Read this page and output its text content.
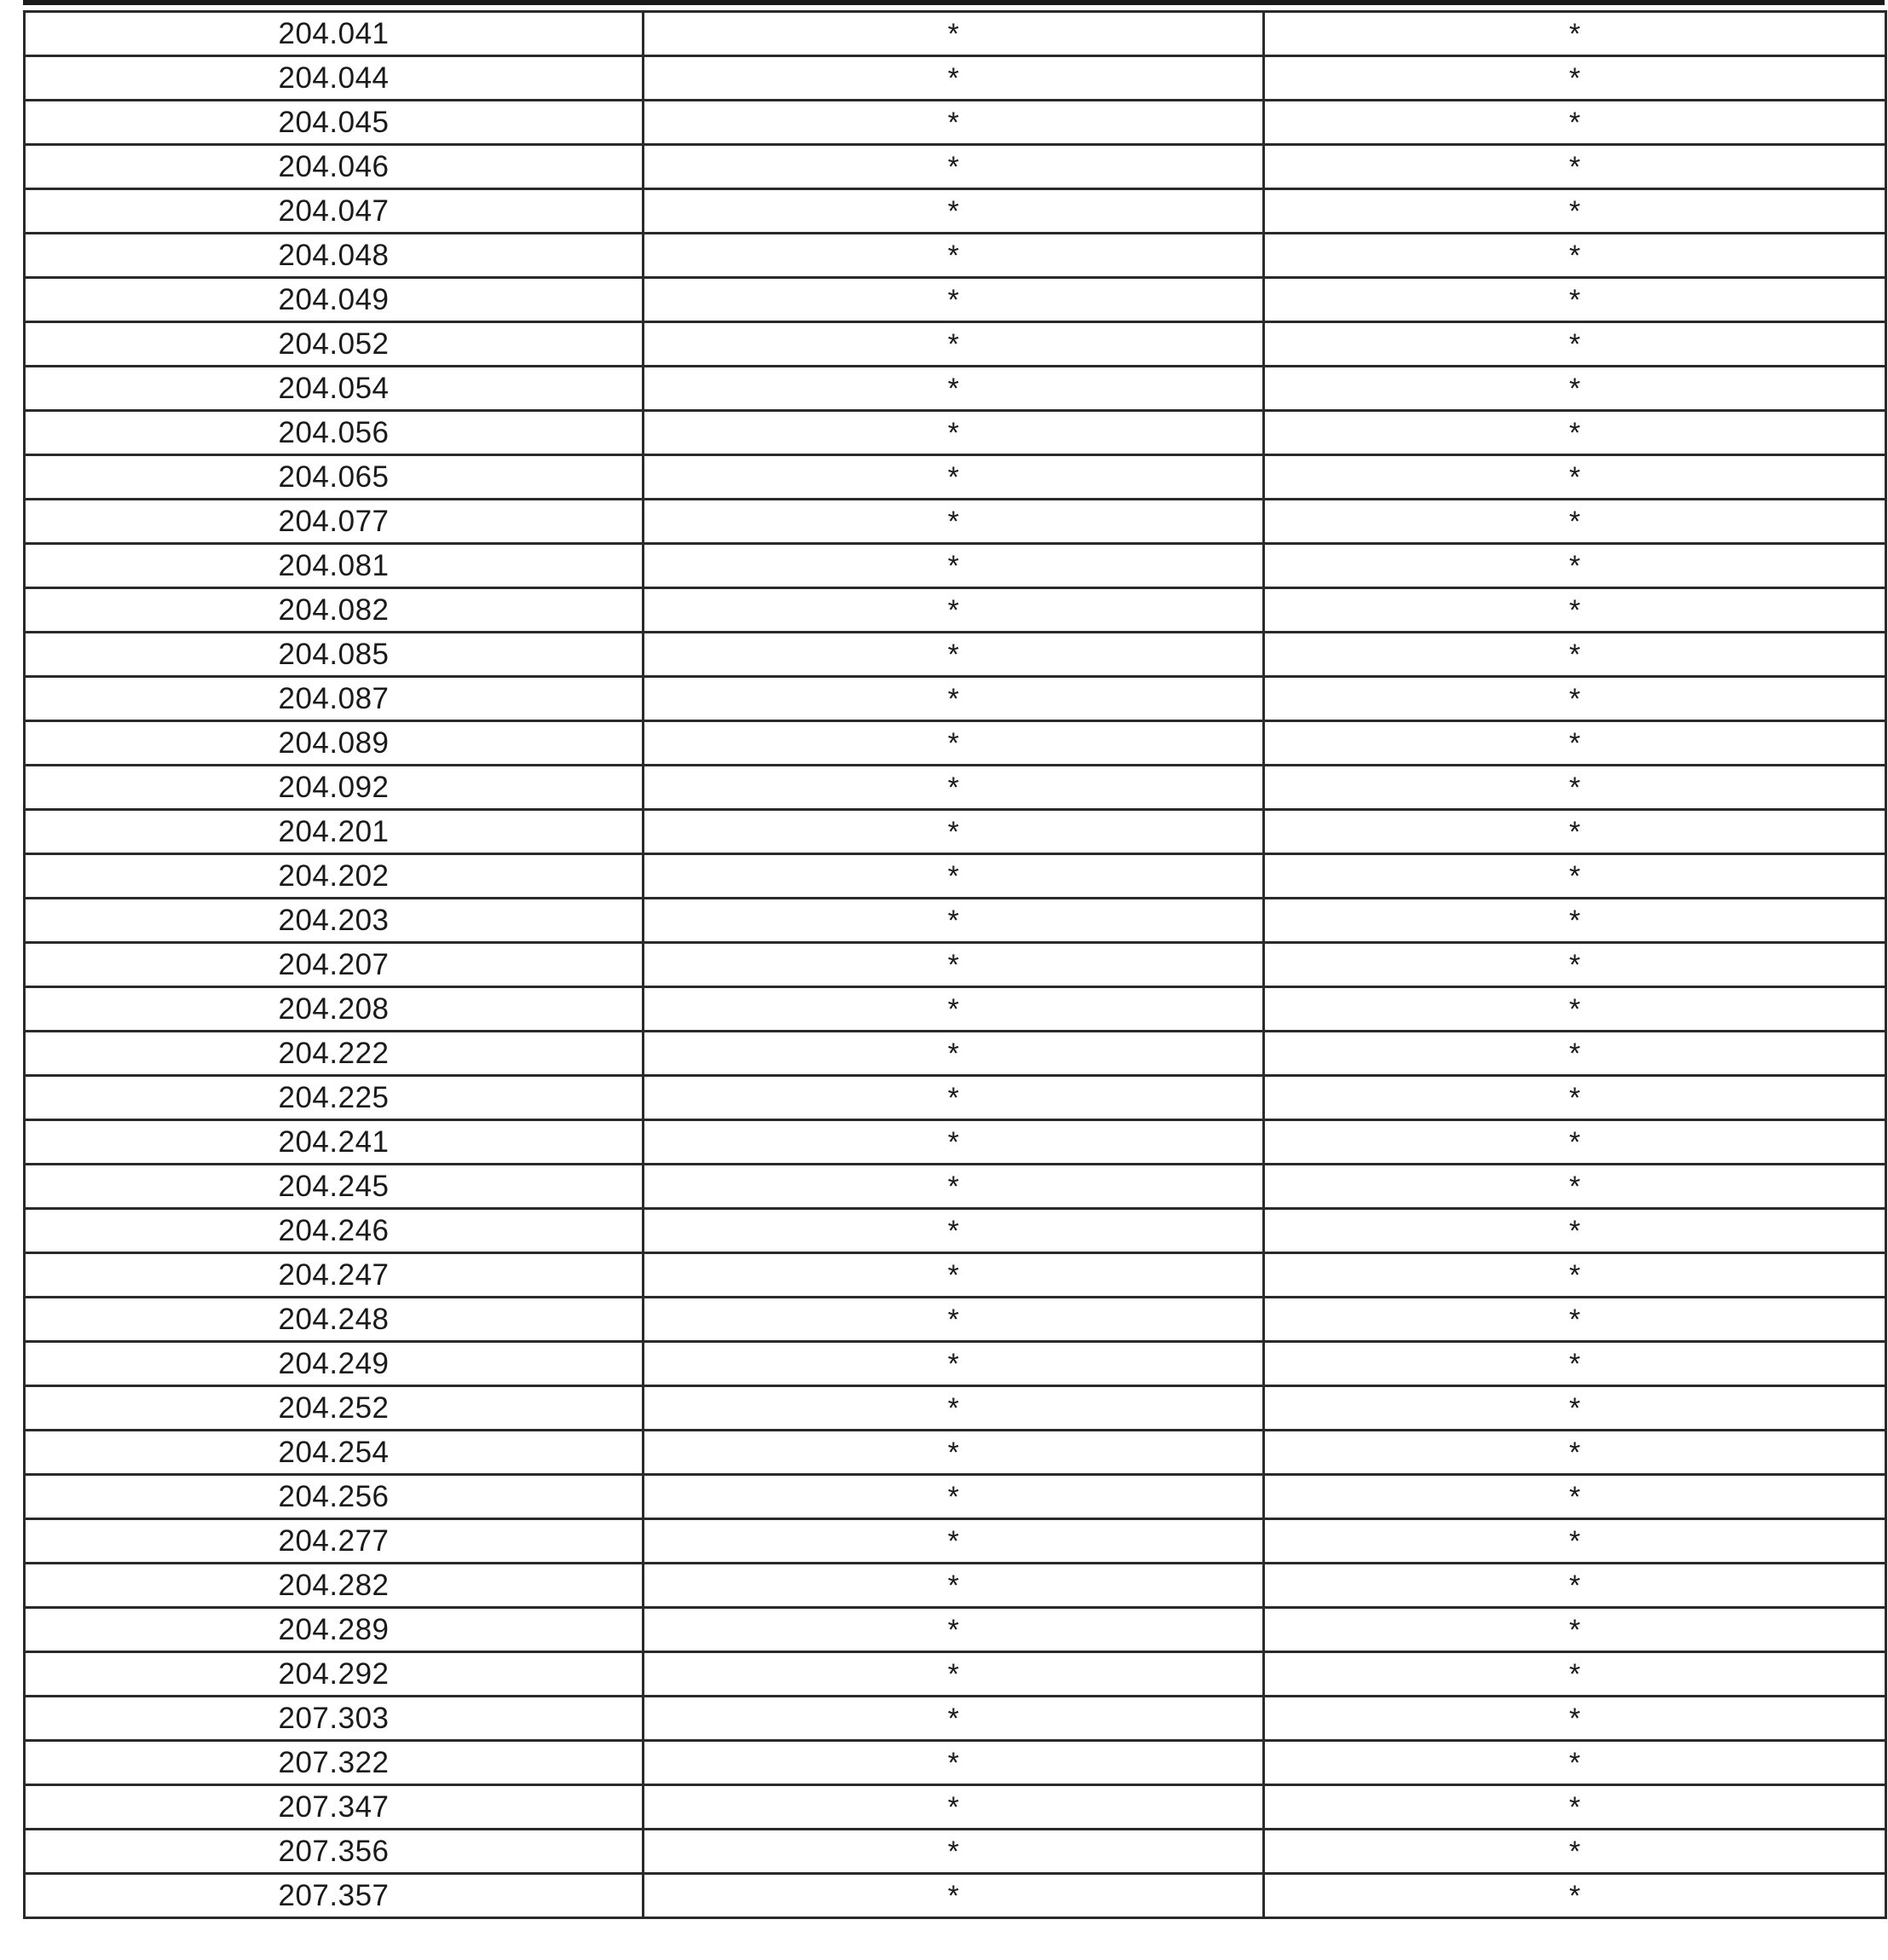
204.041	*	*
204.044	*	*
204.045	*	*
204.046	*	*
204.047	*	*
204.048	*	*
204.049	*	*
204.052	*	*
204.054	*	*
204.056	*	*
204.065	*	*
204.077	*	*
204.081	*	*
204.082	*	*
204.085	*	*
204.087	*	*
204.089	*	*
204.092	*	*
204.201	*	*
204.202	*	*
204.203	*	*
204.207	*	*
204.208	*	*
204.222	*	*
204.225	*	*
204.241	*	*
204.245	*	*
204.246	*	*
204.247	*	*
204.248	*	*
204.249	*	*
204.252	*	*
204.254	*	*
204.256	*	*
204.277	*	*
204.282	*	*
204.289	*	*
204.292	*	*
207.303	*	*
207.322	*	*
207.347	*	*
207.356	*	*
207.357	*	*
